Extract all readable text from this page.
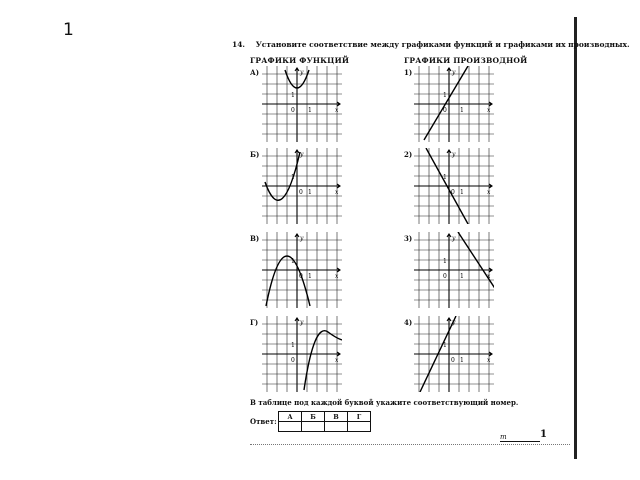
1
14. Установите соответствие между графиками функций и графиками их производных.
ГРАФИКИ ФУНКЦИЙ	ГРАФИКИ ПРОИЗВОДНОЙ
А)
Б)
В)
Г)
1)
2)
3)
4)
y
x
0 1
1
y
x
0 1
1
y
x
0 1
1
y
x
0
1
y
x
0 1
1
y
x
0 1
1
y
x
0 1
1
y
x
0 1
1
В таблице под каждой буквой укажите соответствующий номер.
Ответ:
А	Б	В	Г

m	1
